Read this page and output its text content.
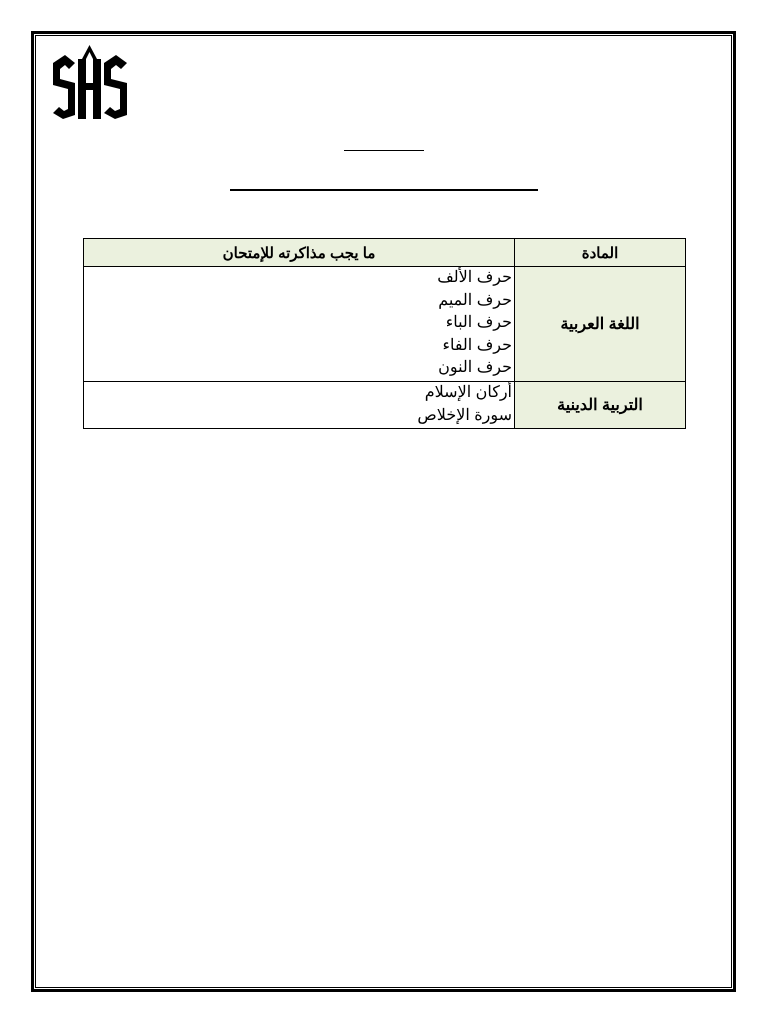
المادة	ما يجب مذاكرته للإمتحان
اللغة العربية	حرف الألف
حرف الميم
حرف الباء
حرف الفاء
حرف النون

التربية الدينية	أركان الإسلام
سورة الإخلاص
